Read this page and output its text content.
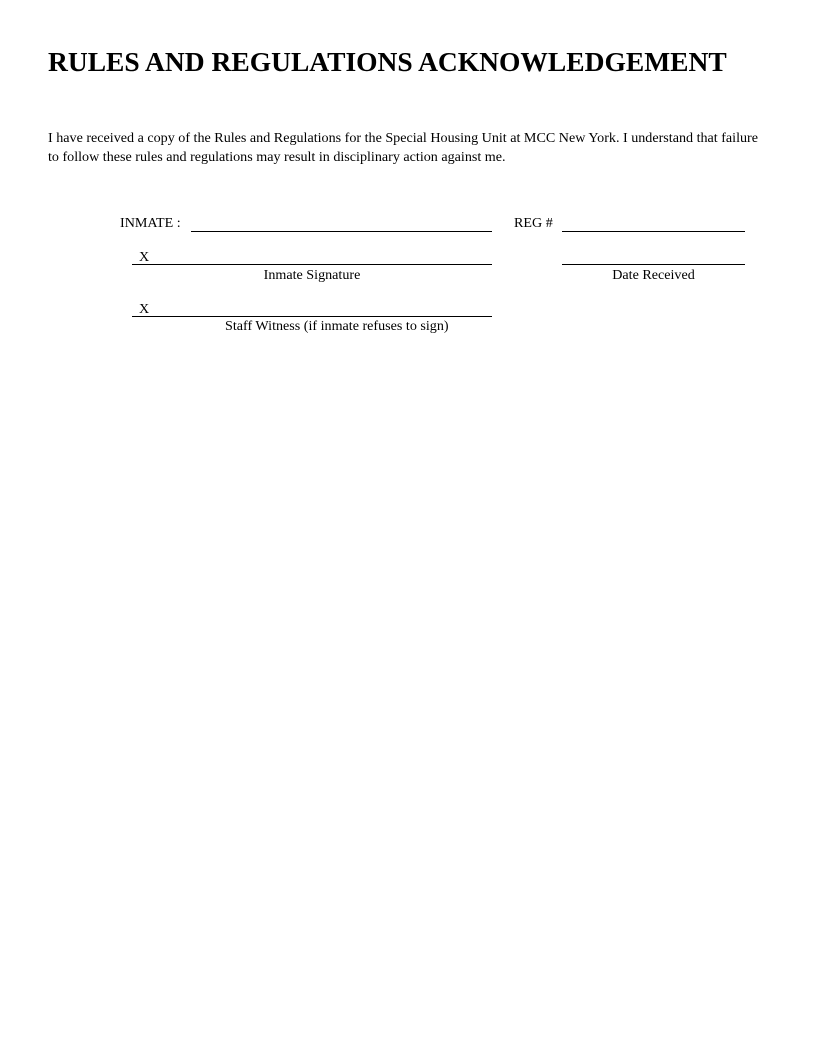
RULES AND REGULATIONS ACKNOWLEDGEMENT

I have received a copy of the Rules and Regulations for the Special Housing Unit at MCC New York. I understand that failure to follow these rules and regulations may result in disciplinary action against me.

INMATE :	REG #
X
Inmate Signature	Date Received
X
Staff Witness (if inmate refuses to sign)
